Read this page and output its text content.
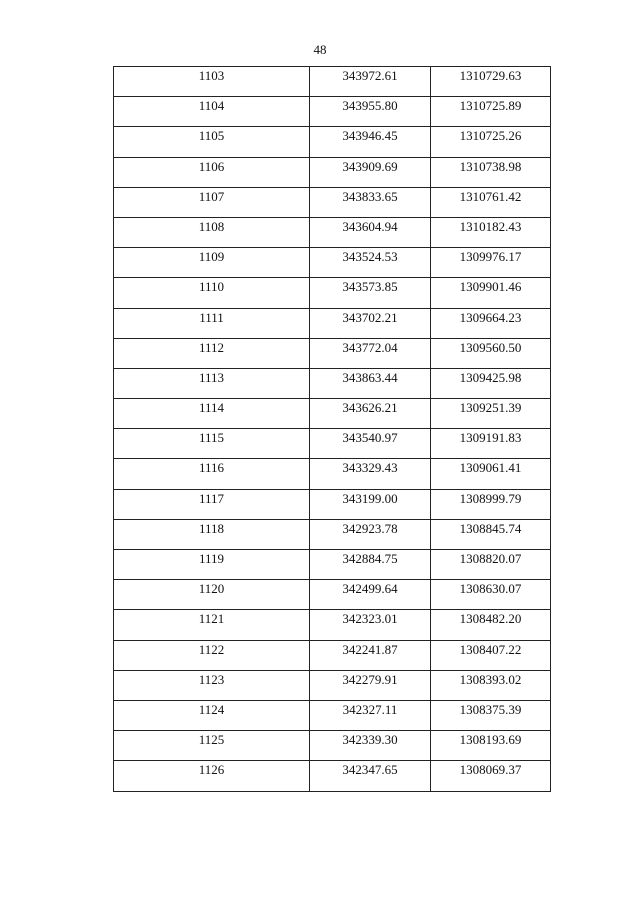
48
1103	343972.61	1310729.63
1104	343955.80	1310725.89
1105	343946.45	1310725.26
1106	343909.69	1310738.98
1107	343833.65	1310761.42
1108	343604.94	1310182.43
1109	343524.53	1309976.17
1110	343573.85	1309901.46
1111	343702.21	1309664.23
1112	343772.04	1309560.50
1113	343863.44	1309425.98
1114	343626.21	1309251.39
1115	343540.97	1309191.83
1116	343329.43	1309061.41
1117	343199.00	1308999.79
1118	342923.78	1308845.74
1119	342884.75	1308820.07
1120	342499.64	1308630.07
1121	342323.01	1308482.20
1122	342241.87	1308407.22
1123	342279.91	1308393.02
1124	342327.11	1308375.39
1125	342339.30	1308193.69
1126	342347.65	1308069.37
